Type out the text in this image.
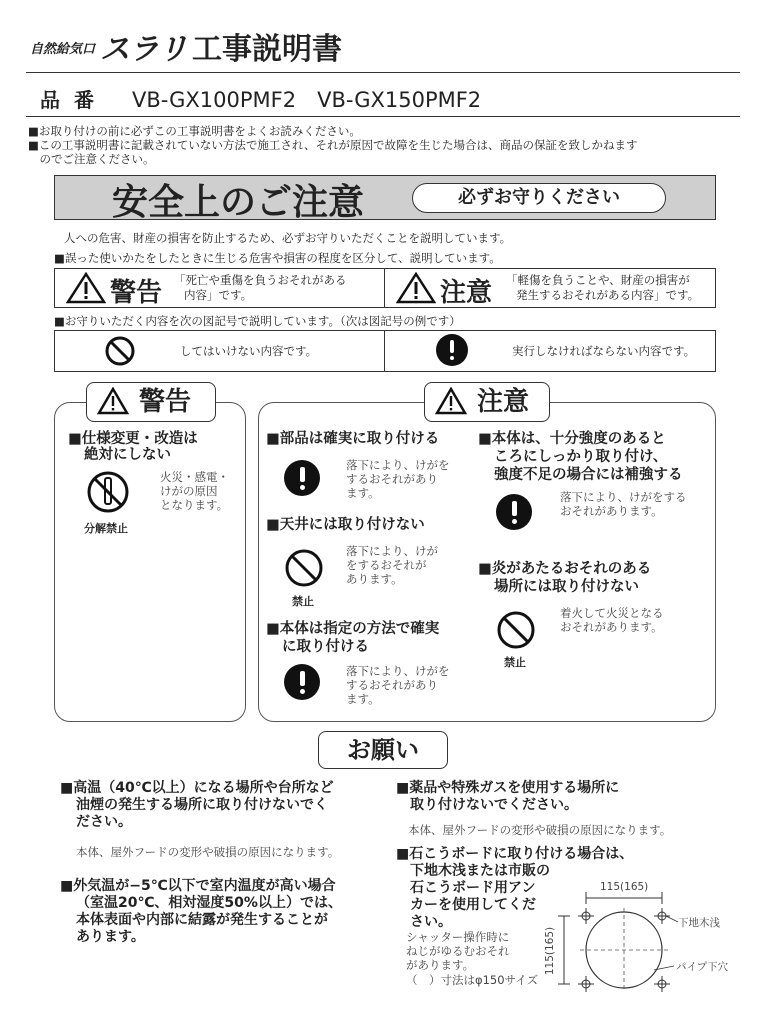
自然給気口 スラリ 工事説明書
品番 VB-GX100PMF2　VB-GX150PMF2
■お取り付けの前に必ずこの工事説明書をよくお読みください。
■この工事説明書に記載されていない方法で施工され、それが原因で故障を生じた場合は、商品の保証を致しかねます
　のでご注意ください。
安全上のご注意	必ずお守りください
人への危害、財産の損害を防止するため、必ずお守りいただくことを説明しています。
■誤った使いかたをしたときに生じる危害や損害の程度を区分して、説明しています。
警告 「死亡や重傷を負うおそれがある
内容」です。	注意 「軽傷を負うことや、財産の損害が
発生するおそれがある内容」です。
■お守りいただく内容を次の図記号で説明しています。（次は図記号の例です）
してはいけない内容です。	実行しなければならない内容です。
警告
■仕様変更・改造は
絶対にしない
分解禁止
火災・感電・
けがの原因
となります。
注意
■部品は確実に取り付ける
落下により、けがを
するおそれがあり
ます。
■天井には取り付けない
禁止
落下により、けが
をするおそれが
あります。
■本体は指定の方法で確実
に取り付ける
落下により、けがを
するおそれがあり
ます。
■本体は、十分強度のあると
ころにしっかり取り付け、
強度不足の場合には補強する
落下により、けがをする
おそれがあります。
■炎があたるおそれのある
場所には取り付けない
禁止
着火して火災となる
おそれがあります。
お願い
■高温（40℃以上）になる場所や台所など
油煙の発生する場所に取り付けないでく
ださい。
本体、屋外フードの変形や破損の原因になります。
■外気温が−5℃以下で室内温度が高い場合
（室温20℃、相対湿度50%以上）では、
本体表面や内部に結露が発生することが
あります。
■薬品や特殊ガスを使用する場所に
取り付けないでください。
本体、屋外フードの変形や破損の原因になります。
■石こうボードに取り付ける場合は、
下地木浅または市販の
石こうボード用アン
カーを使用してくだ
さい。
シャッター操作時に
ねじがゆるむおそれ
があります。
（　）寸法はφ150サイズ
115(165)
115(165)
下地木浅
パイプ下穴
